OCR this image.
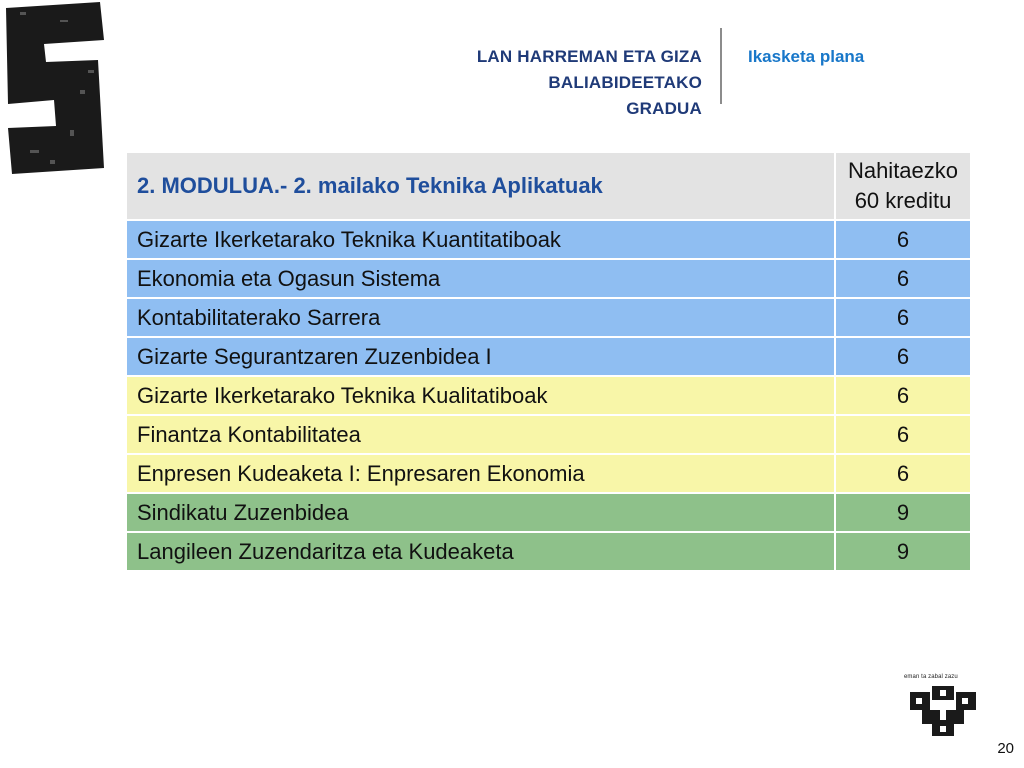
LAN HARREMAN ETA GIZA
BALIABIDEETAKO
GRADUA
Ikasketa plana
2. MODULUA.- 2. mailako Teknika Aplikatuak	Nahitaezko
60 kreditu

Gizarte Ikerketarako Teknika Kuantitatiboak	6
Ekonomia eta Ogasun Sistema	6
Kontabilitaterako Sarrera	6
Gizarte Segurantzaren Zuzenbidea I	6
Gizarte Ikerketarako Teknika Kualitatiboak	6
Finantza Kontabilitatea	6
Enpresen Kudeaketa I: Enpresaren Ekonomia	6
Sindikatu Zuzenbidea	9
Langileen Zuzendaritza eta Kudeaketa	9
eman ta zabal zazu
20
